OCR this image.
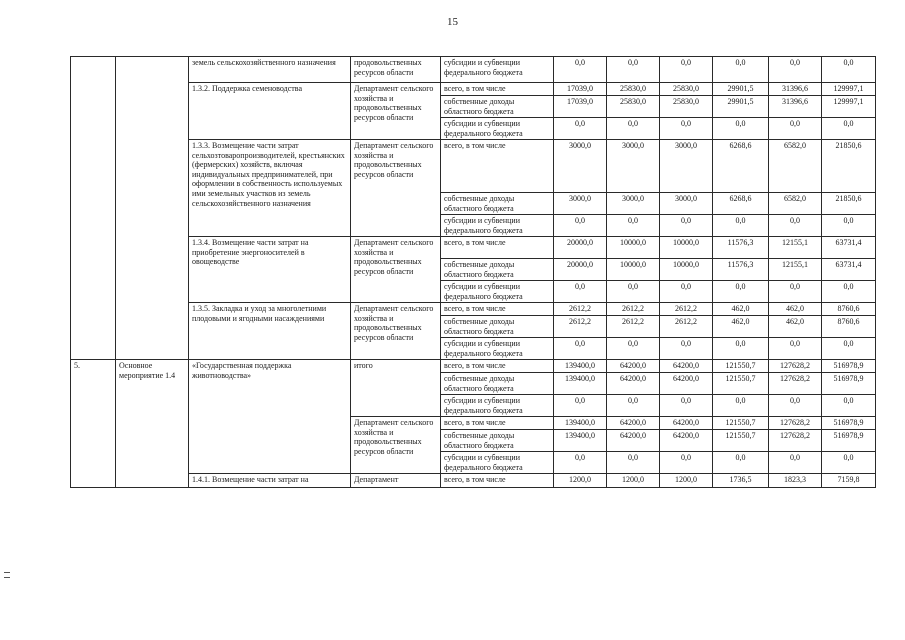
15
		земель сельскохозяйственного назначения	продовольственных ресурсов области	субсидии и субвенции федерального бюджета	0,0	0,0	0,0	0,0	0,0	0,0
		1.3.2. Поддержка семеноводства	Департамент сельского хозяйства и продовольственных ресурсов области	всего, в том числе	17039,0	25830,0	25830,0	29901,5	31396,6	129997,1
				собственные доходы областного бюджета	17039,0	25830,0	25830,0	29901,5	31396,6	129997,1
				субсидии и субвенции федерального бюджета	0,0	0,0	0,0	0,0	0,0	0,0
		1.3.3. Возмещение части затрат сельхозтоваропроизводителей, крестьянских (фермерских) хозяйств, включая индивидуальных предпринимателей, при оформлении в собственность используемых ими земельных участков из земель сельскохозяйственного назначения	Департамент сельского хозяйства и продовольственных ресурсов области	всего, в том числе	3000,0	3000,0	3000,0	6268,6	6582,0	21850,6
				собственные доходы областного бюджета	3000,0	3000,0	3000,0	6268,6	6582,0	21850,6
				субсидии и субвенции федерального бюджета	0,0	0,0	0,0	0,0	0,0	0,0
		1.3.4. Возмещение части затрат на приобретение энергоносителей в овощеводстве	Департамент сельского хозяйства и продовольственных ресурсов области	всего, в том числе	20000,0	10000,0	10000,0	11576,3	12155,1	63731,4
				собственные доходы областного бюджета	20000,0	10000,0	10000,0	11576,3	12155,1	63731,4
				субсидии и субвенции федерального бюджета	0,0	0,0	0,0	0,0	0,0	0,0
		1.3.5. Закладка и уход за многолетними плодовыми и ягодными насаждениями	Департамент сельского хозяйства и продовольственных ресурсов области	всего, в том числе	2612,2	2612,2	2612,2	462,0	462,0	8760,6
				собственные доходы областного бюджета	2612,2	2612,2	2612,2	462,0	462,0	8760,6
				субсидии и субвенции федерального бюджета	0,0	0,0	0,0	0,0	0,0	0,0
5.	Основное мероприятие 1.4	«Государственная поддержка животноводства»	итого	всего, в том числе	139400,0	64200,0	64200,0	121550,7	127628,2	516978,9
				собственные доходы областного бюджета	139400,0	64200,0	64200,0	121550,7	127628,2	516978,9
				субсидии и субвенции федерального бюджета	0,0	0,0	0,0	0,0	0,0	0,0
			Департамент сельского хозяйства и продовольственных ресурсов области	всего, в том числе	139400,0	64200,0	64200,0	121550,7	127628,2	516978,9
				собственные доходы областного бюджета	139400,0	64200,0	64200,0	121550,7	127628,2	516978,9
				субсидии и субвенции федерального бюджета	0,0	0,0	0,0	0,0	0,0	0,0
		1.4.1. Возмещение части затрат на	Департамент	всего, в том числе	1200,0	1200,0	1200,0	1736,5	1823,3	7159,8
